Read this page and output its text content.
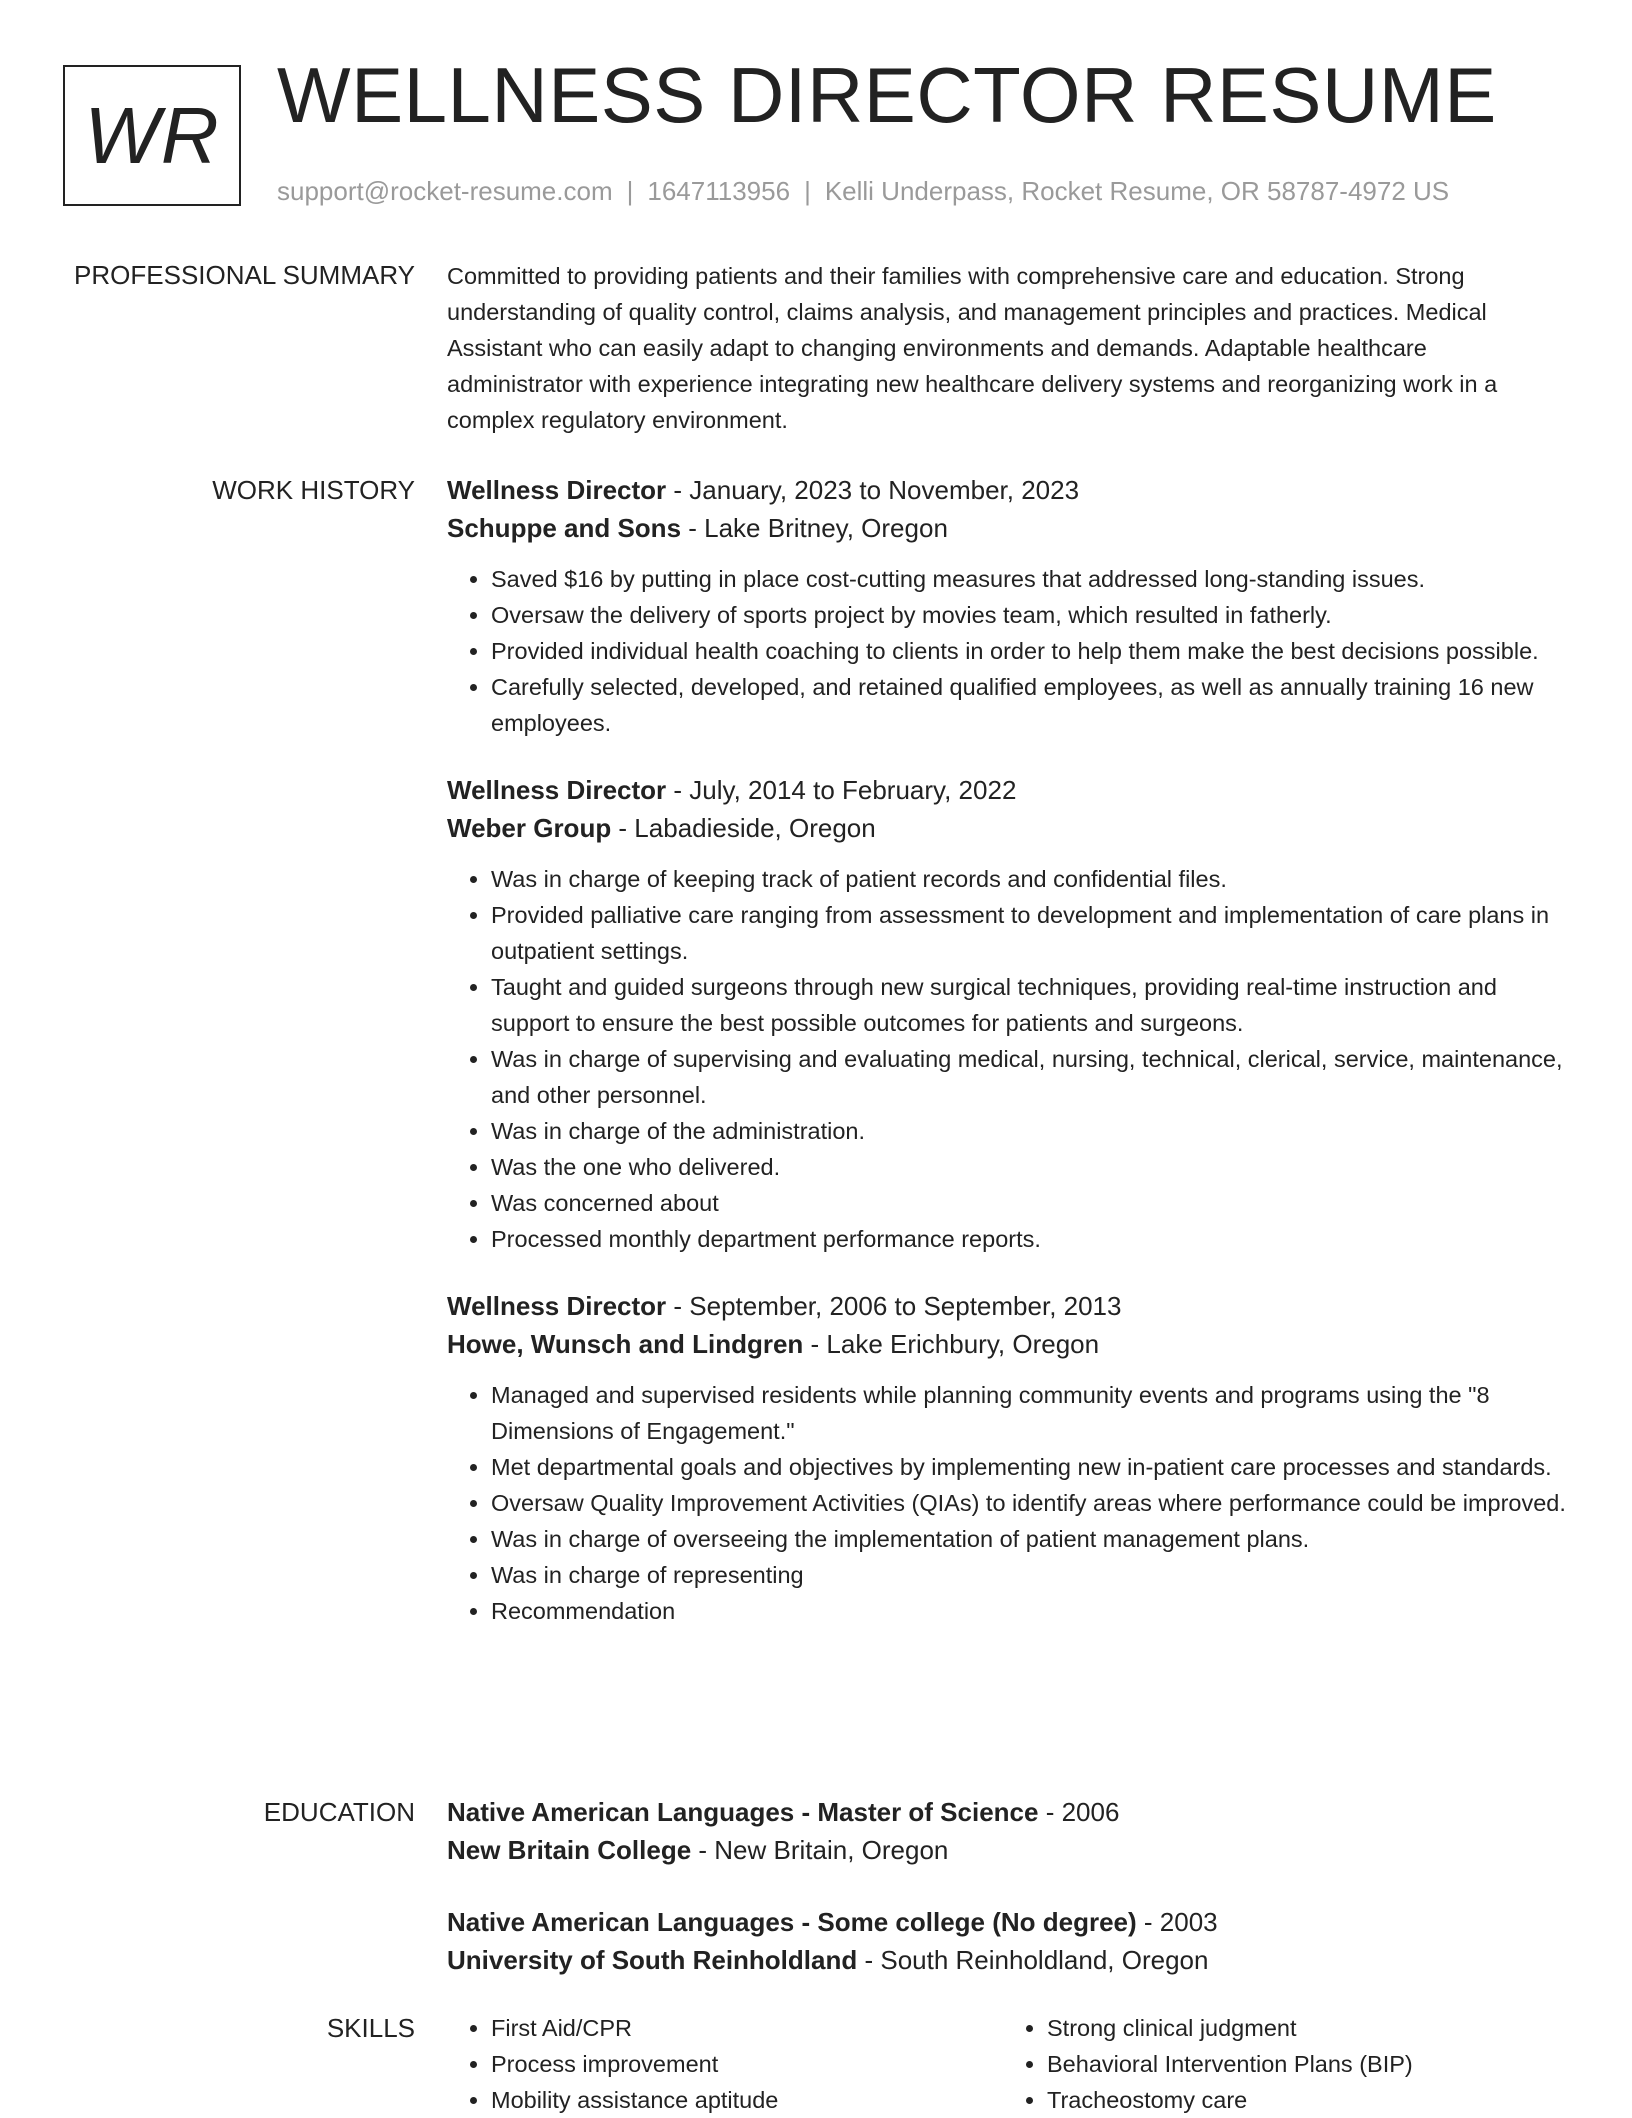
WR WELLNESS DIRECTOR RESUME
support@rocket-resume.com | 1647113956 | Kelli Underpass, Rocket Resume, OR 58787-4972 US
PROFESSIONAL SUMMARY Committed to providing patients and their families with comprehensive care and education. Strong understanding of quality control, claims analysis, and management principles and practices. Medical Assistant who can easily adapt to changing environments and demands. Adaptable healthcare administrator with experience integrating new healthcare delivery systems and reorganizing work in a complex regulatory environment.

WORK HISTORY Wellness Director - January, 2023 to November, 2023
Schuppe and Sons - Lake Britney, Oregon
• Saved $16 by putting in place cost-cutting measures that addressed long-standing issues.
• Oversaw the delivery of sports project by movies team, which resulted in fatherly.
• Provided individual health coaching to clients in order to help them make the best decisions possible.
• Carefully selected, developed, and retained qualified employees, as well as annually training 16 new employees.
Wellness Director - July, 2014 to February, 2022
Weber Group - Labadieside, Oregon
• Was in charge of keeping track of patient records and confidential files.
• Provided palliative care ranging from assessment to development and implementation of care plans in outpatient settings.
• Taught and guided surgeons through new surgical techniques, providing real-time instruction and support to ensure the best possible outcomes for patients and surgeons.
• Was in charge of supervising and evaluating medical, nursing, technical, clerical, service, maintenance, and other personnel.
• Was in charge of the administration.
• Was the one who delivered.
• Was concerned about
• Processed monthly department performance reports.
Wellness Director - September, 2006 to September, 2013
Howe, Wunsch and Lindgren - Lake Erichbury, Oregon
• Managed and supervised residents while planning community events and programs using the "8 Dimensions of Engagement."
• Met departmental goals and objectives by implementing new in-patient care processes and standards.
• Oversaw Quality Improvement Activities (QIAs) to identify areas where performance could be improved.
• Was in charge of overseeing the implementation of patient management plans.
• Was in charge of representing
• Recommendation
EDUCATION Native American Languages - Master of Science - 2006
New Britain College - New Britain, Oregon
Native American Languages - Some college (No degree) - 2003
University of South Reinholdland - South Reinholdland, Oregon
SKILLS
•	First Aid/CPR
• Process improvement
• Mobility assistance aptitude
• Strong clinical judgment
• Behavioral Intervention Plans (BIP)
• Tracheostomy care
